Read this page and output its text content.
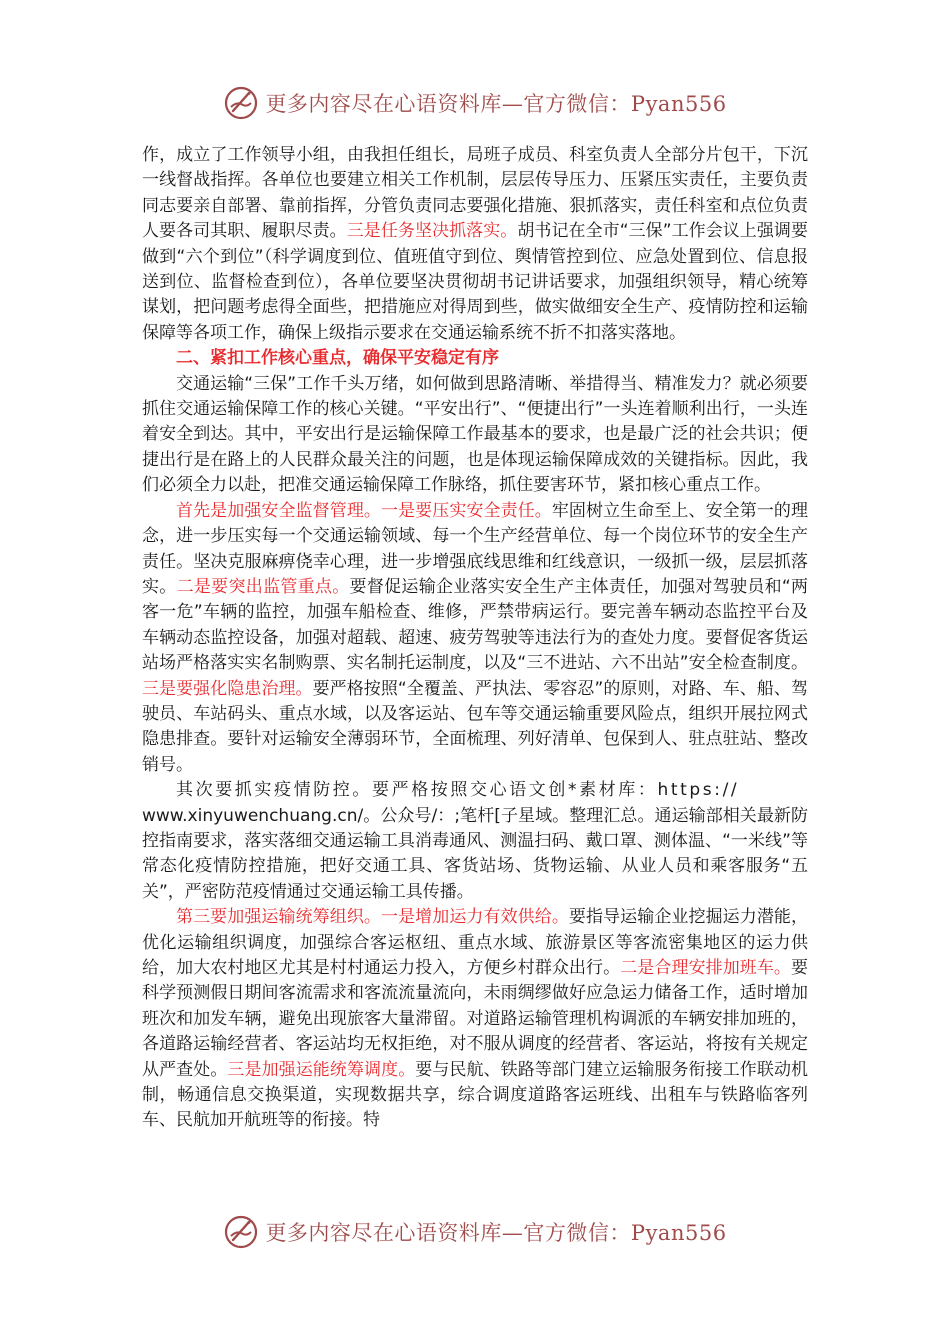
更多内容尽在心语资料库—官方微信：Pyan556

作，成立了工作领导小组，由我担任组长，局班子成员、科室负责人全部分片包干，下沉一线督战指挥。各单位也要建立相关工作机制，层层传导压力、压紧压实责任，主要负责同志要亲自部署、靠前指挥，分管负责同志要强化措施、狠抓落实，责任科室和点位负责人要各司其职、履职尽责。三是任务坚决抓落实。胡书记在全市“三保”工作会议上强调要做到“六个到位”（科学调度到位、值班值守到位、舆情管控到位、应急处置到位、信息报送到位、监督检查到位），各单位要坚决贯彻胡书记讲话要求，加强组织领导，精心统筹谋划，把问题考虑得全面些，把措施应对得周到些，做实做细安全生产、疫情防控和运输保障等各项工作，确保上级指示要求在交通运输系统不折不扣落实落地。

二、紧扣工作核心重点，确保平安稳定有序

交通运输“三保”工作千头万绪，如何做到思路清晰、举措得当、精准发力？就必须要抓住交通运输保障工作的核心关键。“平安出行”、“便捷出行”一头连着顺利出行，一头连着安全到达。其中，平安出行是运输保障工作最基本的要求，也是最广泛的社会共识；便捷出行是在路上的人民群众最关注的问题，也是体现运输保障成效的关键指标。因此，我们必须全力以赴，把准交通运输保障工作脉络，抓住要害环节，紧扣核心重点工作。

首先是加强安全监督管理。一是要压实安全责任。牢固树立生命至上、安全第一的理念，进一步压实每一个交通运输领域、每一个生产经营单位、每一个岗位环节的安全生产责任。坚决克服麻痹侥幸心理，进一步增强底线思维和红线意识，一级抓一级，层层抓落实。二是要突出监管重点。要督促运输企业落实安全生产主体责任，加强对驾驶员和“两客一危”车辆的监控，加强车船检查、维修，严禁带病运行。要完善车辆动态监控平台及车辆动态监控设备，加强对超载、超速、疲劳驾驶等违法行为的查处力度。要督促客货运站场严格落实实名制购票、实名制托运制度，以及“三不进站、六不出站”安全检查制度。三是要强化隐患治理。要严格按照“全覆盖、严执法、零容忍”的原则，对路、车、船、驾驶员、车站码头、重点水域，以及客运站、包车等交通运输重要风险点，组织开展拉网式隐患排查。要针对运输安全薄弱环节，全面梳理、列好清单、包保到人、驻点驻站、整改销号。

其次要抓实疫情防控。要严格按照交心语文创*素材库：https://
www.xinyuwenchuang.cn/。公众号/：;笔杆[子星域。整理汇总。通运输部相关最新防控指南要求，落实落细交通运输工具消毒通风、测温扫码、戴口罩、测体温、“一米线”等常态化疫情防控措施，把好交通工具、客货站场、货物运输、从业人员和乘客服务“五关”，严密防范疫情通过交通运输工具传播。

第三要加强运输统筹组织。一是增加运力有效供给。要指导运输企业挖掘运力潜能，优化运输组织调度，加强综合客运枢纽、重点水域、旅游景区等客流密集地区的运力供给，加大农村地区尤其是村村通运力投入，方便乡村群众出行。二是合理安排加班车。要科学预测假日期间客流需求和客流流量流向，未雨绸缪做好应急运力储备工作，适时增加班次和加发车辆，避免出现旅客大量滞留。对道路运输管理机构调派的车辆安排加班的，各道路运输经营者、客运站均无权拒绝，对不服从调度的经营者、客运站，将按有关规定从严查处。三是加强运能统筹调度。要与民航、铁路等部门建立运输服务衔接工作联动机制，畅通信息交换渠道，实现数据共享，综合调度道路客运班线、出租车与铁路临客列车、民航加开航班等的衔接。特

更多内容尽在心语资料库—官方微信：Pyan556
